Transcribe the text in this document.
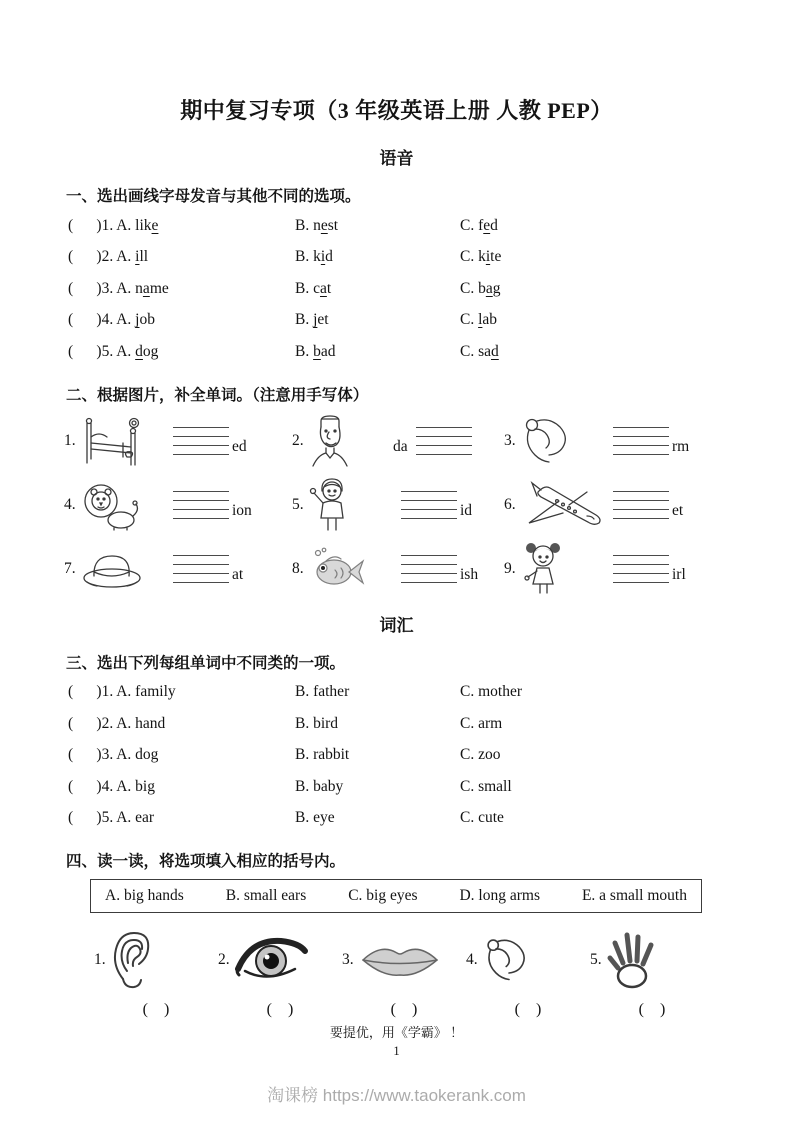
期中复习专项（3 年级英语上册 人教 PEP）
语音
一、选出画线字母发音与其他不同的选项。
(      )1. A. like	B. nest	C. fed
(      )2. A. ill	B. kid	C. kite
(      )3. A. name	B. cat	C. bag
(      )4. A. job	B. jet	C. lab
(      )5. A. dog	B. bad	C. sad
二、根据图片，补全单词。（注意用手写体）
1.	ed	2.	da	3.	rm
4.	ion	5.	id 6.	et
7.	at	8.	ish 9.	irl
词汇
三、选出下列每组单词中不同类的一项。
(      )1. A. family	B. father	C. mother
(      )2. A. hand	B. bird	C. arm
(      )3. A. dog	B. rabbit	C. zoo
(      )4. A. big	B. baby	C. small
(      )5. A. ear	B. eye	C. cute
四、读一读，将选项填入相应的括号内。
A. big hands	B. small ears	C. big eyes	D. long arms	E. a small mouth
1.	2.	3.	4.	5.
(    )	(    )	(    )	(    )	(    )
要提优，用《学霸》 ！
1
淘课榜 https://www.taokerank.com
